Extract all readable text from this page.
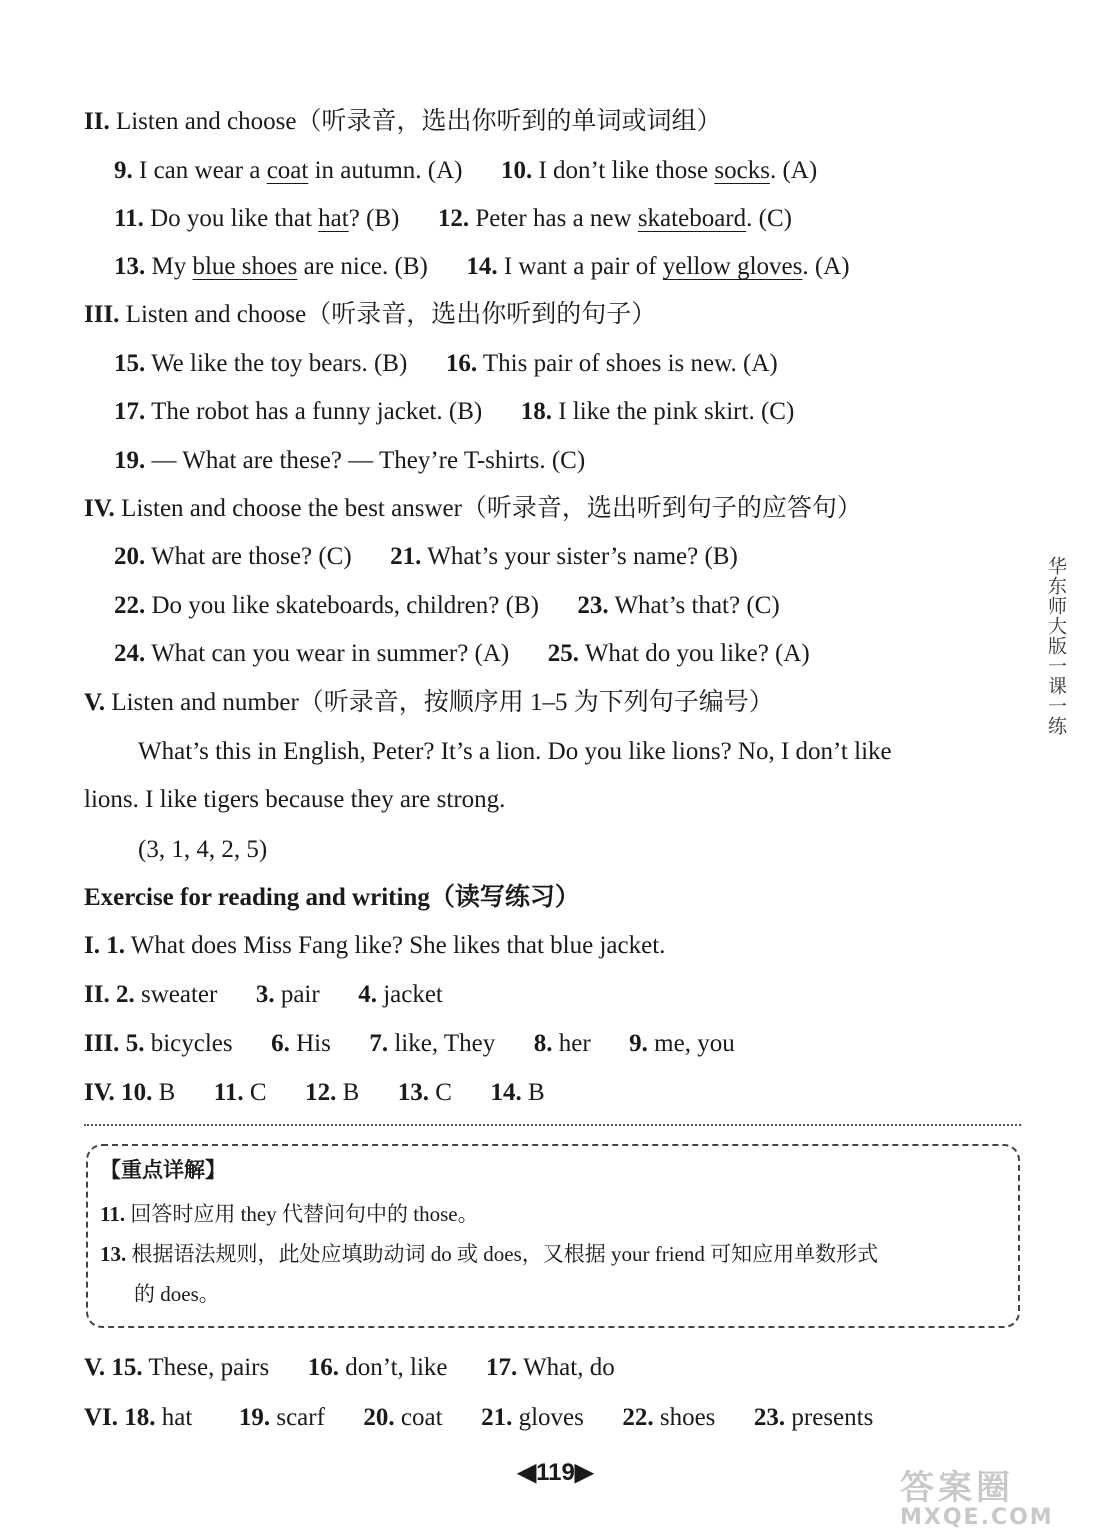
II. Listen and choose（听录音，选出你听到的单词或词组）
9. I can wear a coat in autumn. (A) 10. I don’t like those socks. (A)
11. Do you like that hat? (B) 12. Peter has a new skateboard. (C)
13. My blue shoes are nice. (B) 14. I want a pair of yellow gloves. (A)
III. Listen and choose（听录音，选出你听到的句子）
15. We like the toy bears. (B) 16. This pair of shoes is new. (A)
17. The robot has a funny jacket. (B) 18. I like the pink skirt. (C)
19. — What are these? — They’re T-shirts. (C)
IV. Listen and choose the best answer（听录音，选出听到句子的应答句）
20. What are those? (C) 21. What’s your sister’s name? (B)
22. Do you like skateboards, children? (B) 23. What’s that? (C)
24. What can you wear in summer? (A) 25. What do you like? (A)
V. Listen and number（听录音，按顺序用 1–5 为下列句子编号）
What’s this in English, Peter? It’s a lion. Do you like lions? No, I don’t like
lions. I like tigers because they are strong.
(3, 1, 4, 2, 5)
Exercise for reading and writing（读写练习）
I. 1. What does Miss Fang like? She likes that blue jacket.
II. 2. sweater 3. pair 4. jacket
III. 5. bicycles 6. His 7. like, They 8. her 9. me, you
IV. 10. B 11. C 12. B 13. C 14. B
【重点详解】
11. 回答时应用 they 代替问句中的 those。
13. 根据语法规则，此处应填助动词 do 或 does，又根据 your friend 可知应用单数形式
的 does。
V. 15. These, pairs 16. don’t, like 17. What, do
VI. 18. hat 19. scarf 20. coat 21. gloves 22. shoes 23. presents
华东师大版一课一练
◀119▶	答案圈
MXQE.COM
